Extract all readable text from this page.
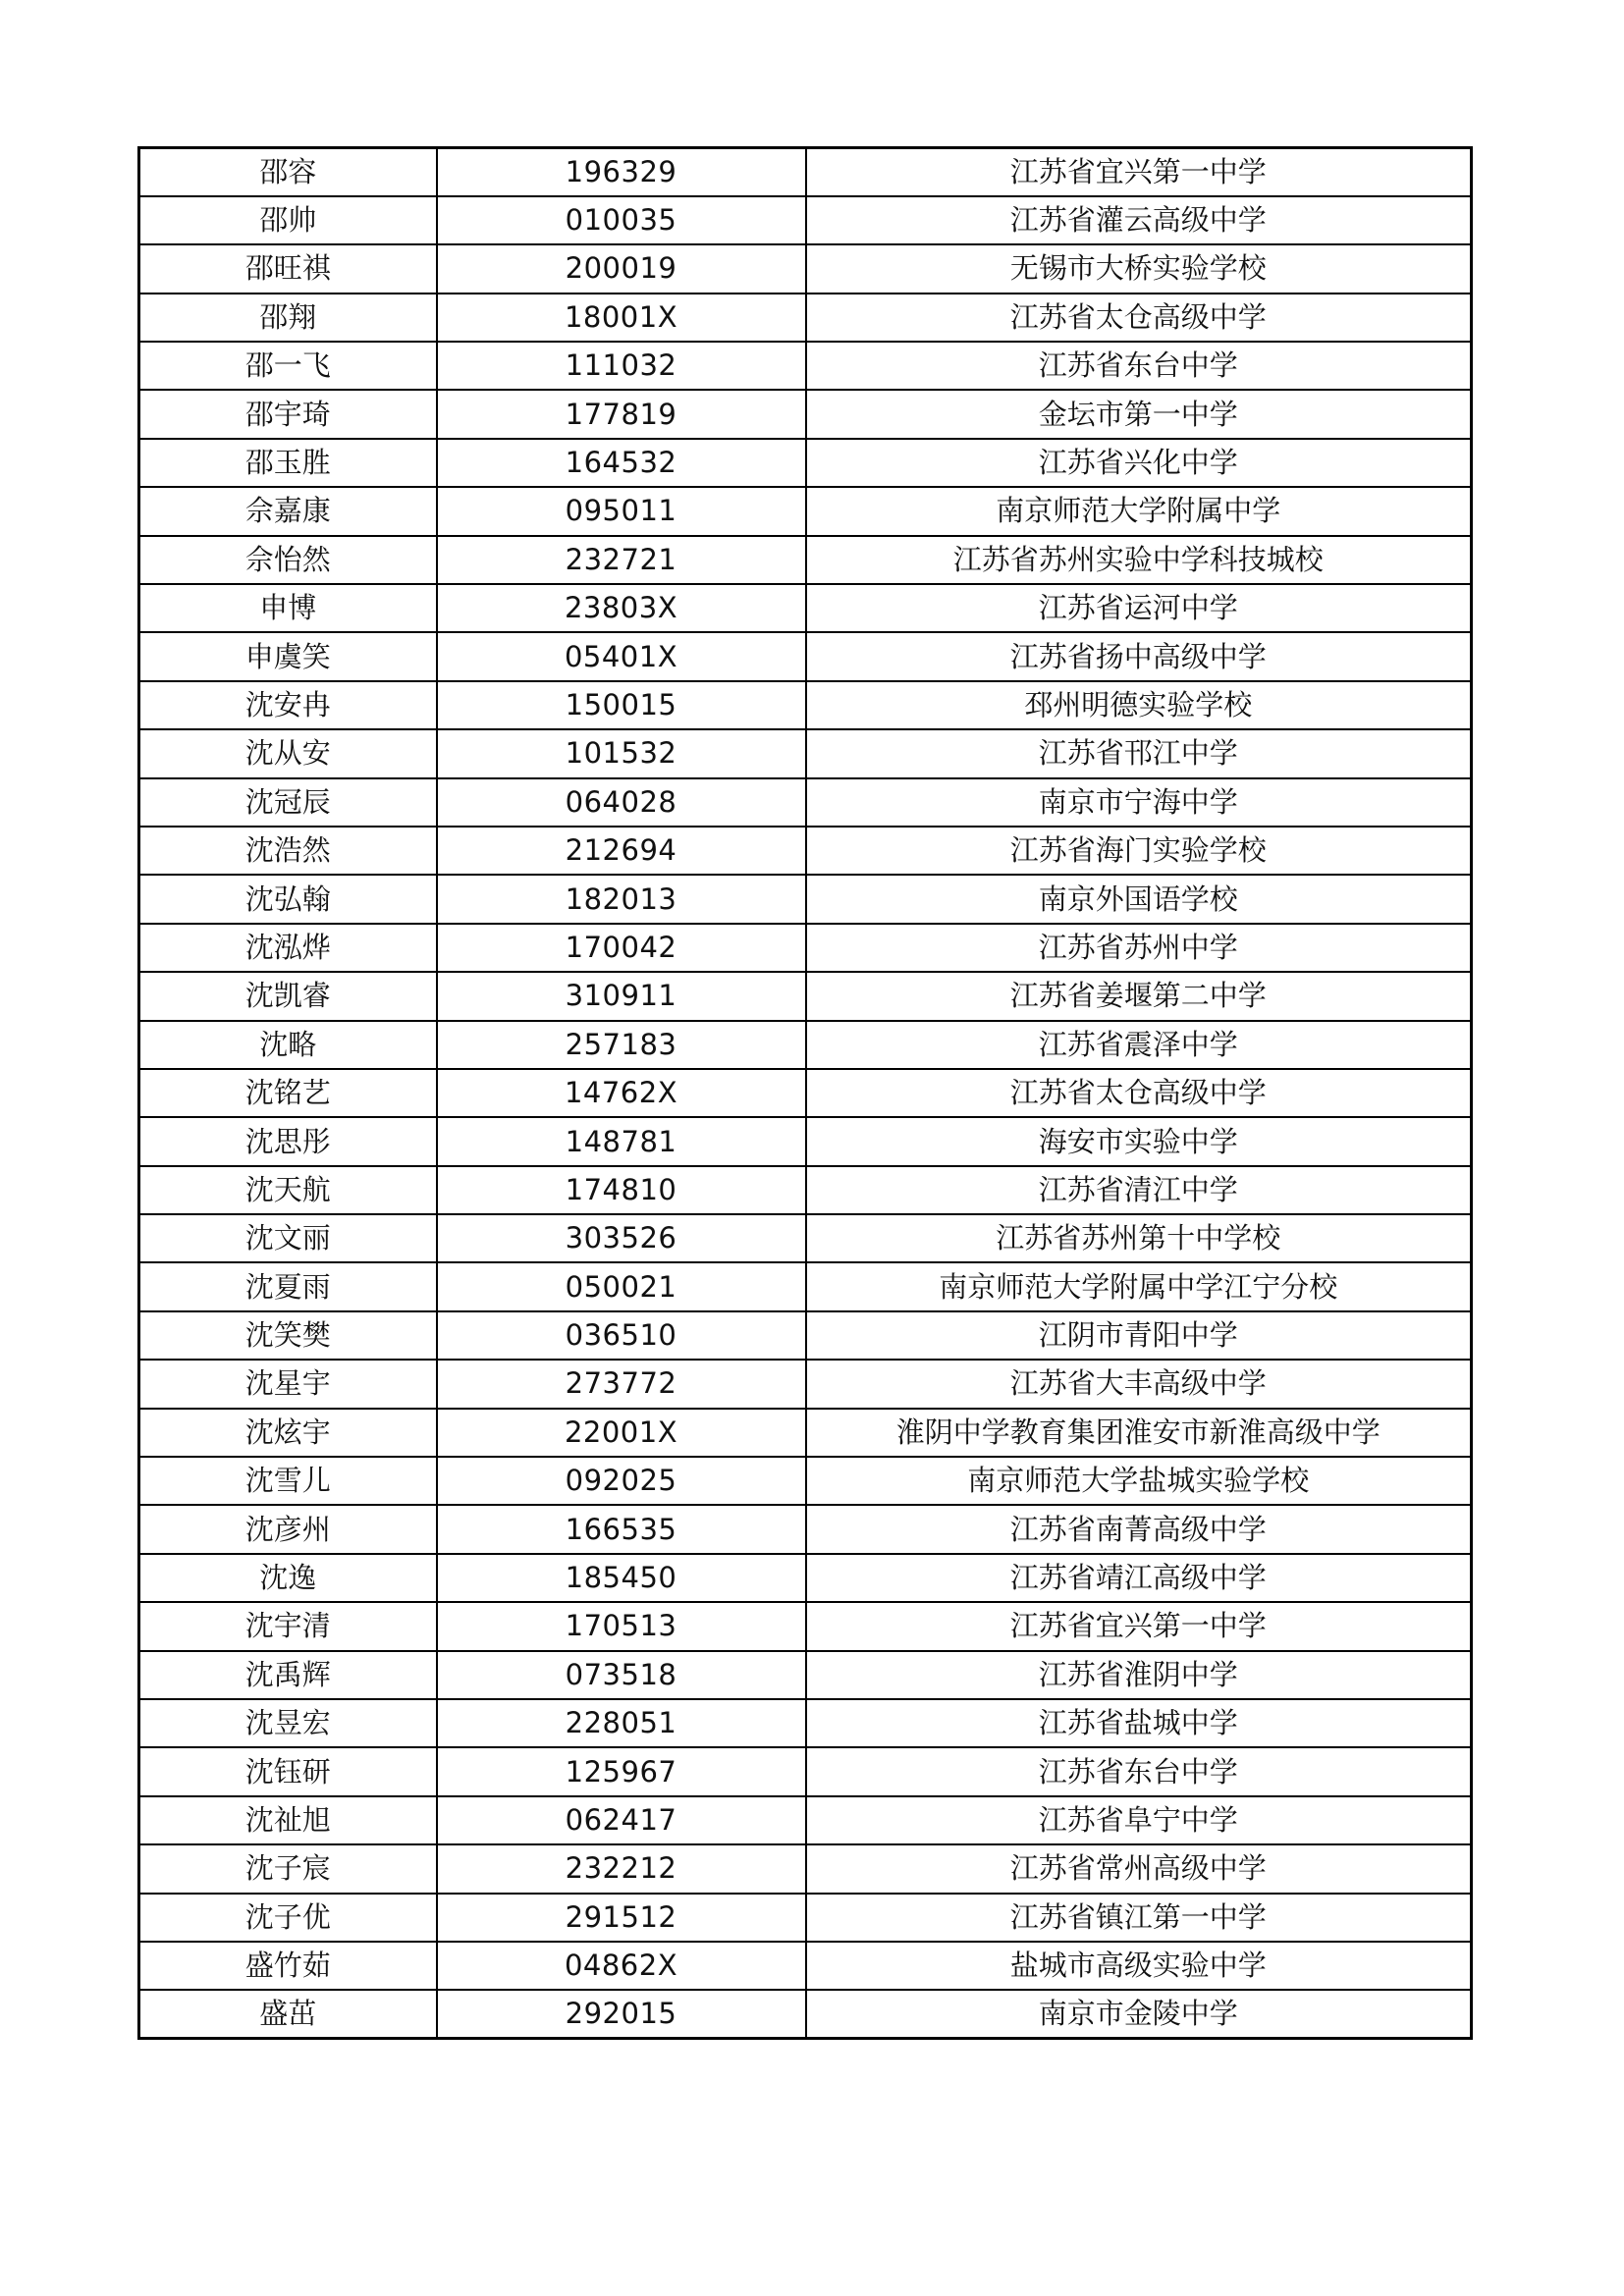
邵容	196329	江苏省宜兴第一中学
邵帅	010035	江苏省灌云高级中学
邵旺祺	200019	无锡市大桥实验学校
邵翔	18001X	江苏省太仓高级中学
邵一飞	111032	江苏省东台中学
邵宇琦	177819	金坛市第一中学
邵玉胜	164532	江苏省兴化中学
佘嘉康	095011	南京师范大学附属中学
佘怡然	232721	江苏省苏州实验中学科技城校
申博	23803X	江苏省运河中学
申虞笑	05401X	江苏省扬中高级中学
沈安冉	150015	邳州明德实验学校
沈从安	101532	江苏省邗江中学
沈冠辰	064028	南京市宁海中学
沈浩然	212694	江苏省海门实验学校
沈弘翰	182013	南京外国语学校
沈泓烨	170042	江苏省苏州中学
沈凯睿	310911	江苏省姜堰第二中学
沈略	257183	江苏省震泽中学
沈铭艺	14762X	江苏省太仓高级中学
沈思彤	148781	海安市实验中学
沈天航	174810	江苏省清江中学
沈文丽	303526	江苏省苏州第十中学校
沈夏雨	050021	南京师范大学附属中学江宁分校
沈笑樊	036510	江阴市青阳中学
沈星宇	273772	江苏省大丰高级中学
沈炫宇	22001X	淮阴中学教育集团淮安市新淮高级中学
沈雪儿	092025	南京师范大学盐城实验学校
沈彦州	166535	江苏省南菁高级中学
沈逸	185450	江苏省靖江高级中学
沈宇清	170513	江苏省宜兴第一中学
沈禹辉	073518	江苏省淮阴中学
沈昱宏	228051	江苏省盐城中学
沈钰研	125967	江苏省东台中学
沈祉旭	062417	江苏省阜宁中学
沈子宸	232212	江苏省常州高级中学
沈子优	291512	江苏省镇江第一中学
盛竹茹	04862X	盐城市高级实验中学
盛茁	292015	南京市金陵中学
